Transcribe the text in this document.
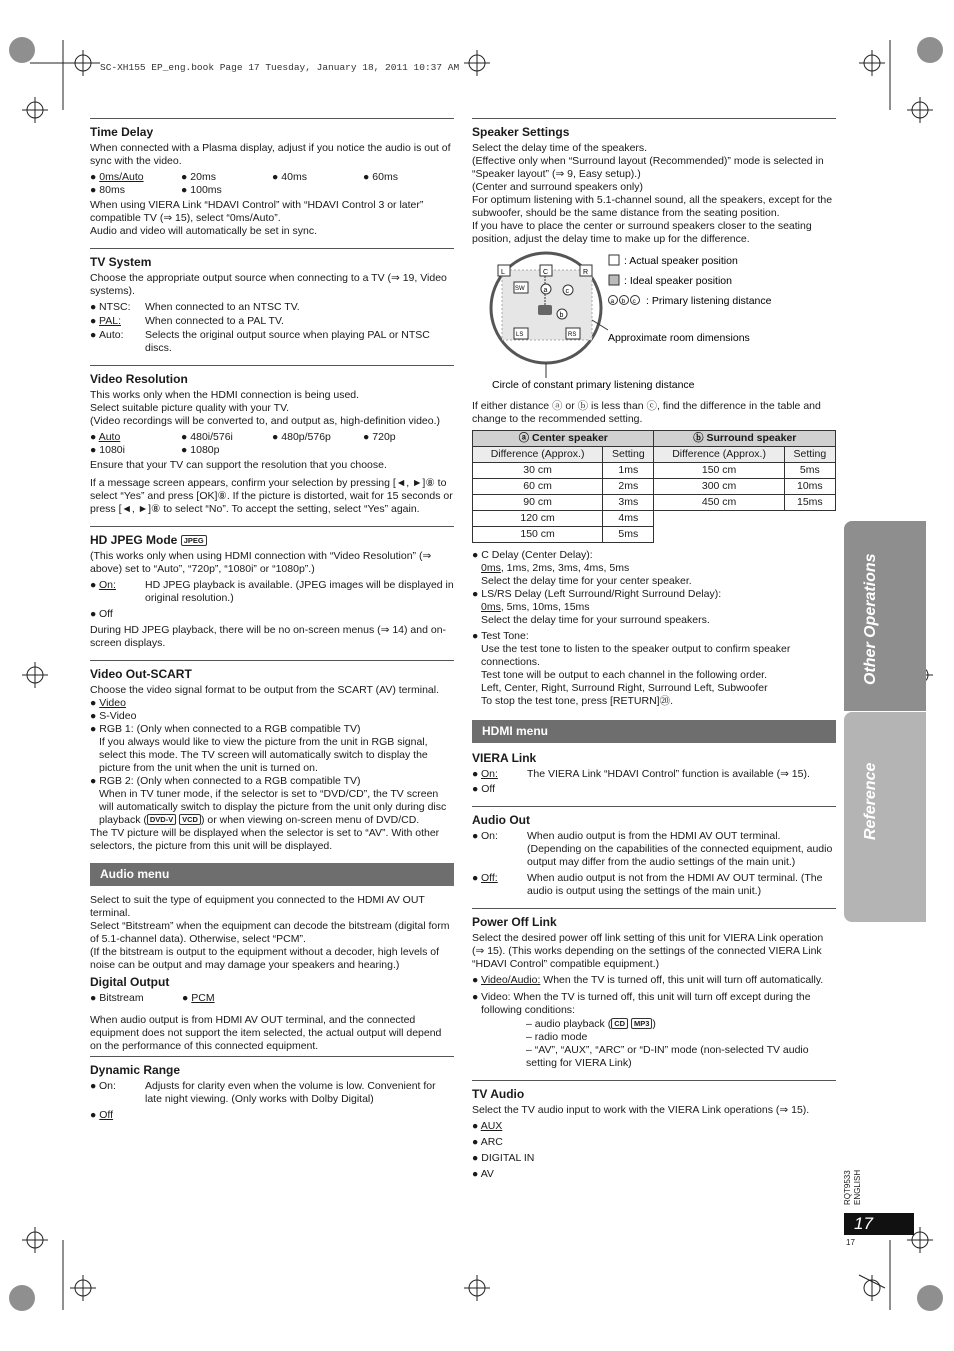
SC-XH155 EP_eng.book Page 17 Tuesday, January 18, 2011 10:37 AM
Time Delay

When connected with a Plasma display, adjust if you notice the audio is out of sync with the video.

● 0ms/Auto	● 20ms	● 40ms	● 60ms
● 80ms	● 100ms

When using VIERA Link “HDAVI Control” with “HDAVI Control 3 or later” compatible TV (⇒ 15), select “0ms/Auto”.

Audio and video will automatically be set in sync.

TV System

Choose the appropriate output source when connecting to a TV (⇒ 19, Video systems).

● NTSC:	When connected to an NTSC TV.
● PAL:	When connected to a PAL TV.
● Auto:	Selects the original output source when playing PAL or NTSC discs.
Video Resolution

This works only when the HDMI connection is being used.

Select suitable picture quality with your TV.

(Video recordings will be converted to, and output as, high-definition video.)

● Auto	● 480i/576i	● 480p/576p	● 720p
● 1080i	● 1080p

Ensure that your TV can support the resolution that you choose.

If a message screen appears, confirm your selection by pressing [◄, ►]⑧ to select “Yes” and press [OK]⑧. If the picture is distorted, wait for 15 seconds or press [◄, ►]⑧ to select “No”. To accept the setting, select “Yes” again.

HD JPEG Mode JPEG

(This works only when using HDMI connection with “Video Resolution” (⇒ above) set to “Auto”, “720p”, “1080i” or “1080p”.)

● On:	HD JPEG playback is available. (JPEG images will be displayed in original resolution.)
● Off

During HD JPEG playback, there will be no on-screen menus (⇒ 14) and on-screen displays.

Video Out-SCART

Choose the video signal format to be output from the SCART (AV) terminal.

● Video
● S-Video
● RGB 1: (Only when connected to a RGB compatible TV)
If you always would like to view the picture from the unit in RGB signal, select this mode. The TV screen will automatically switch to display the picture from the unit when the unit is turned on.
● RGB 2: (Only when connected to a RGB compatible TV)
When in TV tuner mode, if the selector is set to “DVD/CD”, the TV screen will automatically switch to display the picture from the unit only during disc playback ( DVD-V VCD ) or when viewing on-screen menu of DVD/CD.

The TV picture will be displayed when the selector is set to “AV”. With other selectors, the picture from this unit will be displayed.

Audio menu

Select to suit the type of equipment you connected to the HDMI AV OUT terminal.

Select “Bitstream” when the equipment can decode the bitstream (digital form of 5.1-channel data). Otherwise, select “PCM”.

(If the bitstream is output to the equipment without a decoder, high levels of noise can be output and may damage your speakers and hearing.)

Digital Output
● Bitstream	● PCM

When audio output is from HDMI AV OUT terminal, and the connected equipment does not support the item selected, the actual output will depend on the performance of this connected equipment.

Dynamic Range
● On:	Adjusts for clarity even when the volume is low. Convenient for late night viewing. (Only works with Dolby Digital)
● Off
Speaker Settings

Select the delay time of the speakers.

(Effective only when “Surround layout (Recommended)” mode is selected in “Speaker layout” (⇒ 9, Easy setup).)

(Center and surround speakers only)

For optimum listening with 5.1-channel sound, all the speakers, except for the subwoofer, should be the same distance from the seating position.

If you have to place the center or surround speakers closer to the seating position, adjust the delay time to make up for the difference.

L	C	R
SW
LS	RS
a	c
b
: Actual speaker position
: Ideal speaker position
a b c : Primary listening distance
Approximate room dimensions
Circle of constant primary listening distance

If either distance ⓐ or ⓑ is less than ⓒ, find the difference in the table and change to the recommended setting.

ⓐ Center speaker		ⓑ Surround speaker	
Difference (Approx.)	Setting	Difference (Approx.)	Setting
30 cm	1ms	150 cm	5ms
60 cm	2ms	300 cm	10ms
90 cm	3ms	450 cm	15ms
120 cm	4ms		
150 cm	5ms		
● C Delay (Center Delay):
0ms, 1ms, 2ms, 3ms, 4ms, 5ms
Select the delay time for your center speaker.
● LS/RS Delay (Left Surround/Right Surround Delay):
0ms, 5ms, 10ms, 15ms
Select the delay time for your surround speakers.
● Test Tone:
Use the test tone to listen to the speaker output to confirm speaker connections.
Test tone will be output to each channel in the following order.
Left, Center, Right, Surround Right, Surround Left, Subwoofer
To stop the test tone, press [RETURN]⑳.
HDMI menu
VIERA Link
● On:	The VIERA Link “HDAVI Control” function is available (⇒ 15).
● Off
Audio Out
● On:	When audio output is from the HDMI AV OUT terminal. (Depending on the capabilities of the connected equipment, audio output may differ from the audio settings of the main unit.)
● Off:	When audio output is not from the HDMI AV OUT terminal. (The audio is output using the settings of the main unit.)
Power Off Link

Select the desired power off link setting of this unit for VIERA Link operation (⇒ 15). (This works depending on the settings of the connected VIERA Link “HDAVI Control” compatible equipment.)

● Video/Audio: When the TV is turned off, this unit will turn off automatically.
● Video: When the TV is turned off, this unit will turn off except during the following conditions:
– audio playback ( CD MP3 )
– radio mode
– “AV”, “AUX”, “ARC” or “D-IN” mode (non-selected TV audio setting for VIERA Link)
TV Audio

Select the TV audio input to work with the VIERA Link operations (⇒ 15).

● AUX
● ARC
● DIGITAL IN
● AV
Other Operations
Reference
RQT9533
ENGLISH
17
17
